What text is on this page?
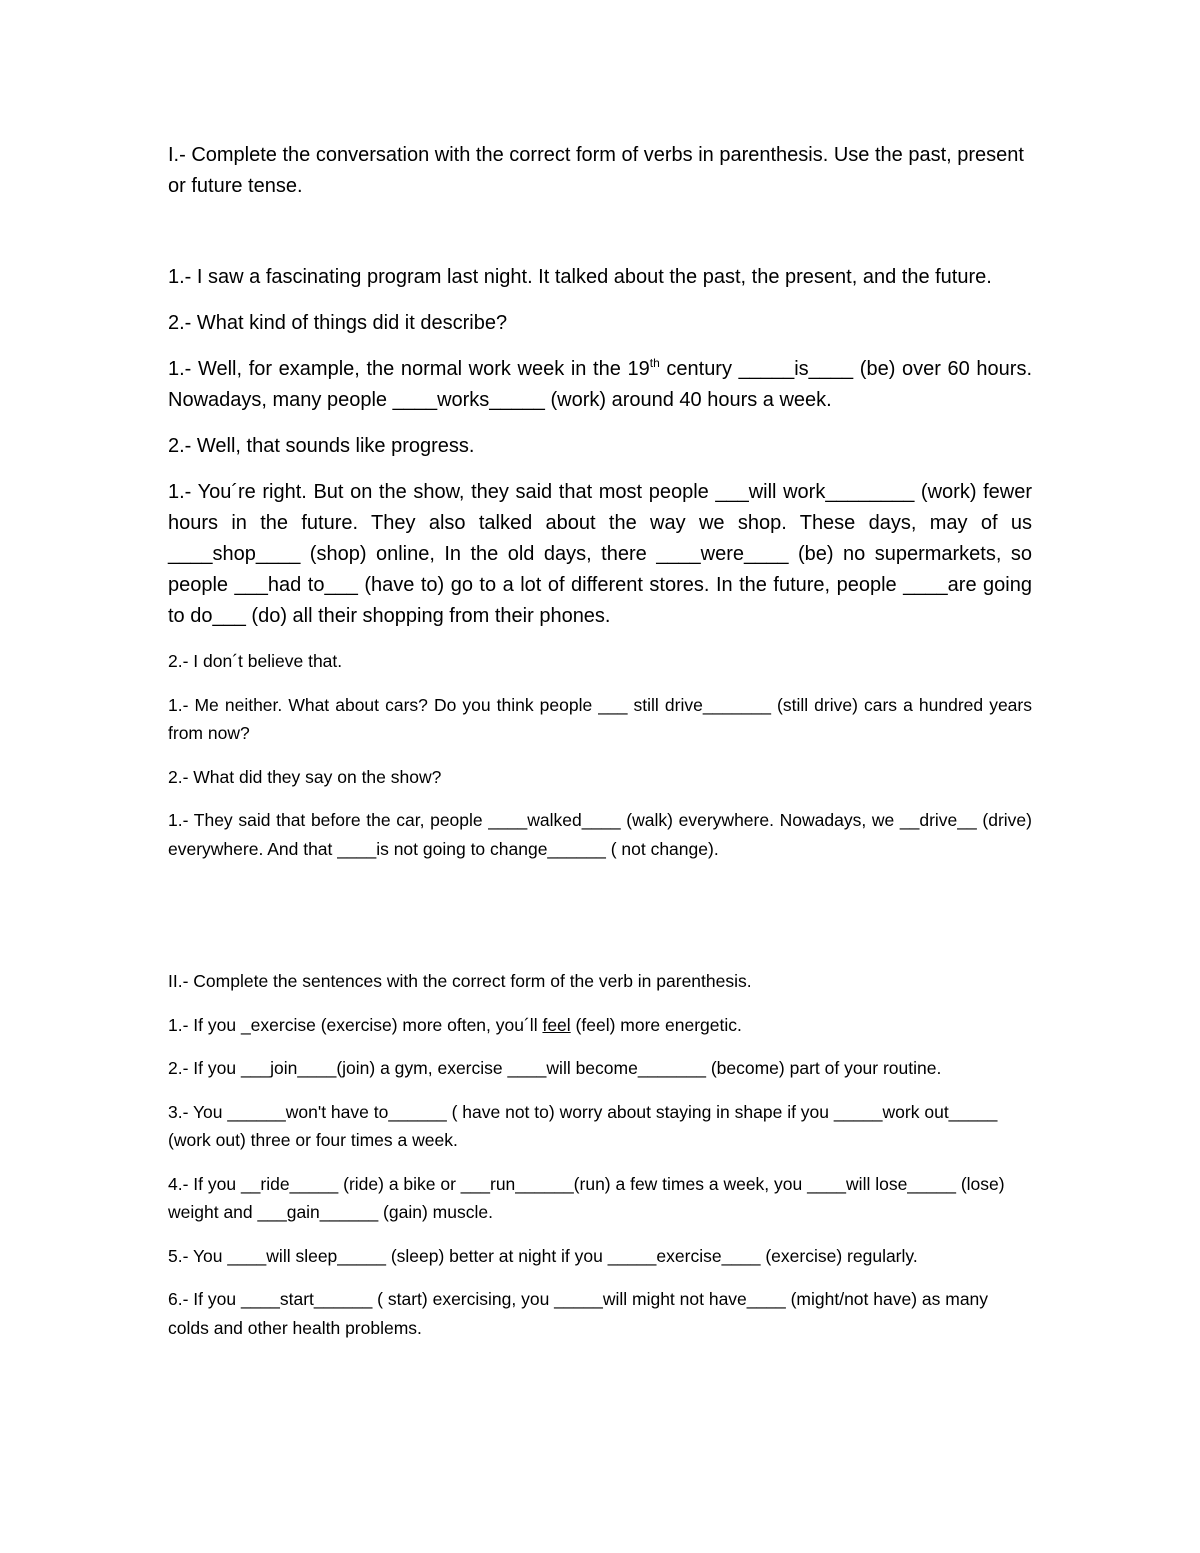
I.- Complete the conversation with the correct form of verbs in parenthesis. Use the past, present or future tense.

1.- I saw a fascinating program last night. It talked about the past, the present, and the future.

2.- What kind of things did it describe?

1.- Well, for example, the normal work week in the 19th century _____is____ (be) over 60 hours. Nowadays, many people ____works_____ (work) around 40 hours a week.

2.- Well, that sounds like progress.

1.- You´re right. But on the show, they said that most people ___will work________ (work) fewer hours in the future. They also talked about the way we shop. These days, may of us ____shop____ (shop) online, In the old days, there ____were____ (be) no supermarkets, so people ___had to___ (have to) go to a lot of different stores. In the future, people ____are going to do___ (do) all their shopping from their phones.

2.- I don´t believe that.

1.- Me neither. What about cars? Do you think people ___ still drive_______ (still drive) cars a hundred years from now?

2.- What did they say on the show?

1.- They said that before the car, people ____walked____ (walk) everywhere. Nowadays, we __drive__ (drive) everywhere. And that ____is not going to change______ ( not change).

II.- Complete the sentences with the correct form of the verb in parenthesis.

1.- If you _exercise (exercise) more often, you´ll feel (feel) more energetic.

2.- If you ___join____(join) a gym, exercise ____will become_______ (become) part of your routine.

3.- You ______won't have to______ ( have not to) worry about staying in shape if you _____work out_____ (work out) three or four times a week.

4.- If you __ride_____ (ride) a bike or ___run______(run) a few times a week, you ____will lose_____ (lose) weight and ___gain______ (gain) muscle.

5.- You ____will sleep_____ (sleep) better at night if you _____exercise____ (exercise) regularly.

6.- If you ____start______ ( start) exercising, you _____will might not have____ (might/not have) as many colds and other health problems.
